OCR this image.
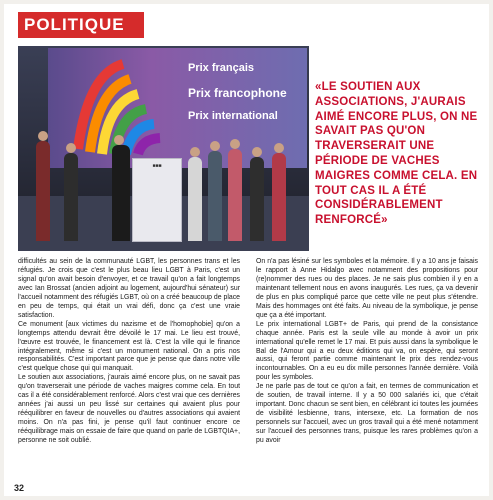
POLITIQUE
Prix français
Prix francophone
Prix international
■■■
«LE SOUTIEN AUX ASSOCIATIONS, J'AURAIS AIMÉ ENCORE PLUS, ON NE SAVAIT PAS QU'ON TRAVERSERAIT UNE PÉRIODE DE VACHES MAIGRES COMME CELA. EN TOUT CAS IL A ÉTÉ CONSIDÉRABLEMENT RENFORCÉ»

difficultés au sein de la communauté LGBT, les personnes trans et les réfugiés. Je crois que c'est le plus beau lieu LGBT à Paris, c'est un signal qu'on avait besoin d'envoyer, et ce travail qu'on a fait longtemps avec Ian Brossat (ancien adjoint au logement, aujourd'hui sénateur) sur l'accueil notamment des réfugiés LGBT, où on a créé beaucoup de place en peu de temps, qui était un vrai défi, donc ça c'est une vraie satisfaction.

Ce monument [aux victimes du nazisme et de l'homophobie] qu'on a longtemps attendu devrait être dévoilé le 17 mai. Le lieu est trouvé, l'œuvre est trouvée, le financement est là. C'est la ville qui le finance intégralement, même si c'est un monument national. On a pris nos responsabilités. C'est important parce que je pense que dans notre ville c'est quelque chose qui qui manquait.

Le soutien aux associations, j'aurais aimé encore plus, on ne savait pas qu'on traverserait une période de vaches maigres comme cela. En tout cas il a été considérablement renforcé. Alors c'est vrai que ces dernières années j'ai aussi un peu lissé sur certaines qui avaient plus pour rééquilibrer en faveur de nouvelles ou d'autres associations qui avaient moins. On n'a pas fini, je pense qu'il faut continuer encore ce rééquilibrage mais on essaie de faire que quand on parle de LGBTQIA+, personne ne soit oublié.

On n'a pas lésiné sur les symboles et la mémoire. Il y a 10 ans je faisais le rapport à Anne Hidalgo avec notamment des propositions pour (re)nommer des rues ou des places. Je ne sais plus combien il y en a maintenant tellement nous en avons inaugurés. Les rues, ça va devenir de plus en plus compliqué parce que cette ville ne peut plus s'étendre. Mais des hommages ont été faits. Au niveau de la symbolique, je pense que ça a été important.

Le prix international LGBT+ de Paris, qui prend de la consistance chaque année. Paris est la seule ville au monde à avoir un prix international qu'elle remet le 17 mai. Et puis aussi dans la symbolique le Bal de l'Amour qui a eu deux éditions qui va, on espère, qui seront aussi, qui feront partie comme maintenant le prix des rendez-vous incontournables. On a eu eu dix mille personnes l'année dernière. Voilà pour les symboles.

Je ne parle pas de tout ce qu'on a fait, en termes de communication et de soutien, de travail interne. Il y a 50 000 salariés ici, que c'était important. Donc chacun se sent bien, en célébrant ici toutes les journées de visibilité lesbienne, trans, intersexe, etc. La formation de nos personnels sur l'accueil, avec un gros travail qui a été mené notamment sur l'accueil des personnes trans, puisque les rares problèmes qu'on a pu avoir

32
